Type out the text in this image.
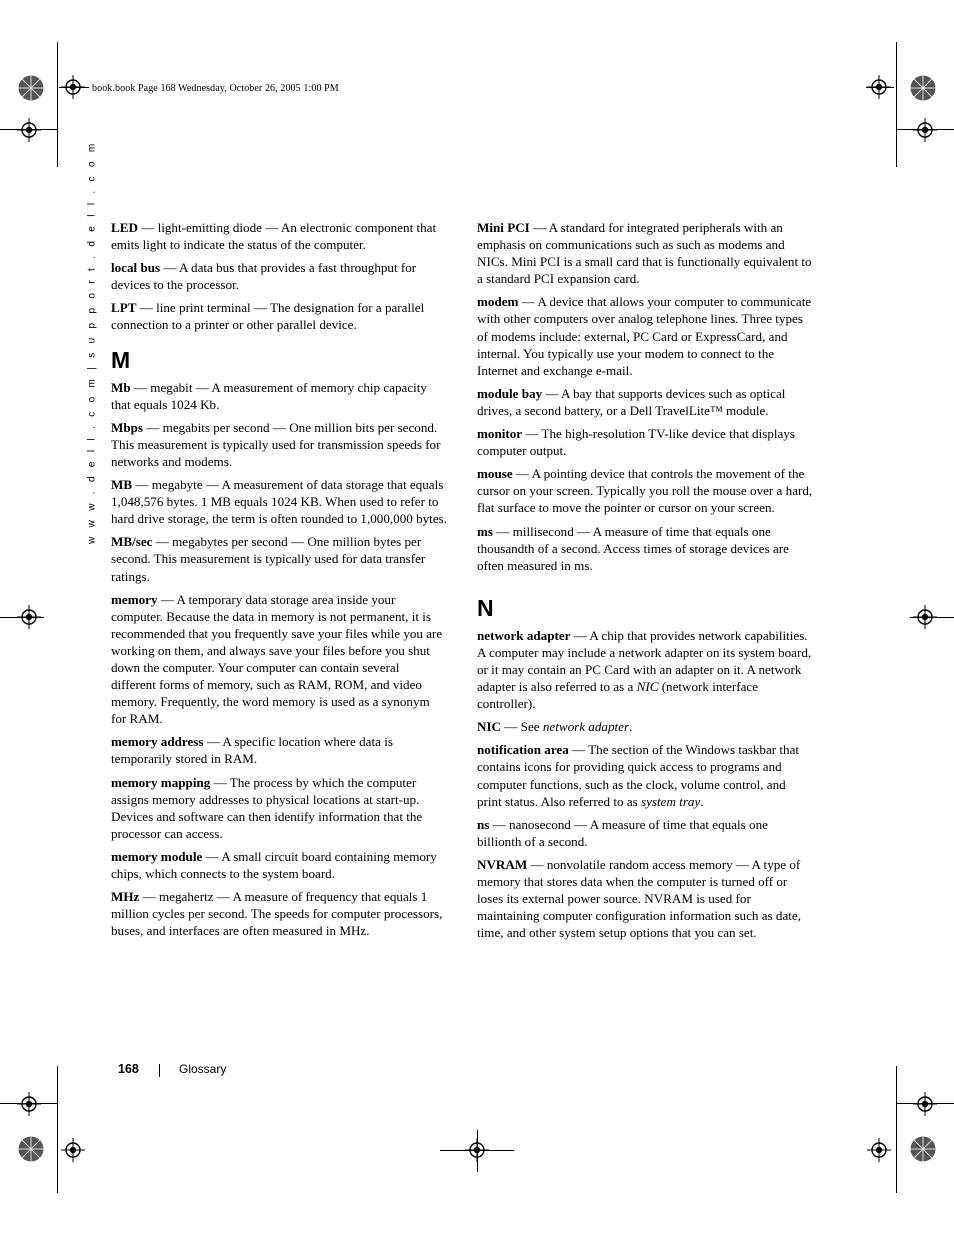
book.book Page 168 Wednesday, October 26, 2005 1:00 PM
w w w . d e l l . c o m | s u p p o r t . d e l l . c o m LED — light-emitting diode — An electronic component that emits light to indicate the status of the computer.

local bus — A data bus that provides a fast throughput for devices to the processor.

LPT — line print terminal — The designation for a parallel connection to a printer or other parallel device.

M

Mb — megabit — A measurement of memory chip capacity that equals 1024 Kb.

Mbps — megabits per second — One million bits per second. This measurement is typically used for transmission speeds for networks and modems.

MB — megabyte — A measurement of data storage that equals 1,048,576 bytes. 1 MB equals 1024 KB. When used to refer to hard drive storage, the term is often rounded to 1,000,000 bytes.

MB/sec — megabytes per second — One million bytes per second. This measurement is typically used for data transfer ratings.

memory — A temporary data storage area inside your computer. Because the data in memory is not permanent, it is recommended that you frequently save your files while you are working on them, and always save your files before you shut down the computer. Your computer can contain several different forms of memory, such as RAM, ROM, and video memory. Frequently, the word memory is used as a synonym for RAM.

memory address — A specific location where data is temporarily stored in RAM.

memory mapping — The process by which the computer assigns memory addresses to physical locations at start-up. Devices and software can then identify information that the processor can access.

memory module — A small circuit board containing memory chips, which connects to the system board.

MHz — megahertz — A measure of frequency that equals 1 million cycles per second. The speeds for computer processors, buses, and interfaces are often measured in MHz.

Mini PCI — A standard for integrated peripherals with an emphasis on communications such as such as modems and NICs. Mini PCI is a small card that is functionally equivalent to a standard PCI expansion card.

modem — A device that allows your computer to communicate with other computers over analog telephone lines. Three types of modems include: external, PC Card or ExpressCard, and internal. You typically use your modem to connect to the Internet and exchange e-mail.

module bay — A bay that supports devices such as optical drives, a second battery, or a Dell TravelLite™ module.

monitor — The high-resolution TV-like device that displays computer output.

mouse — A pointing device that controls the movement of the cursor on your screen. Typically you roll the mouse over a hard, flat surface to move the pointer or cursor on your screen.

ms — millisecond — A measure of time that equals one thousandth of a second. Access times of storage devices are often measured in ms.

N

network adapter — A chip that provides network capabilities. A computer may include a network adapter on its system board, or it may contain an PC Card with an adapter on it. A network adapter is also referred to as a NIC (network interface controller).

NIC — See network adapter.

notification area — The section of the Windows taskbar that contains icons for providing quick access to programs and computer functions, such as the clock, volume control, and print status. Also referred to as system tray.

ns — nanosecond — A measure of time that equals one billionth of a second.

NVRAM — nonvolatile random access memory — A type of memory that stores data when the computer is turned off or loses its external power source. NVRAM is used for maintaining computer configuration information such as date, time, and other system setup options that you can set.

168	Glossary
